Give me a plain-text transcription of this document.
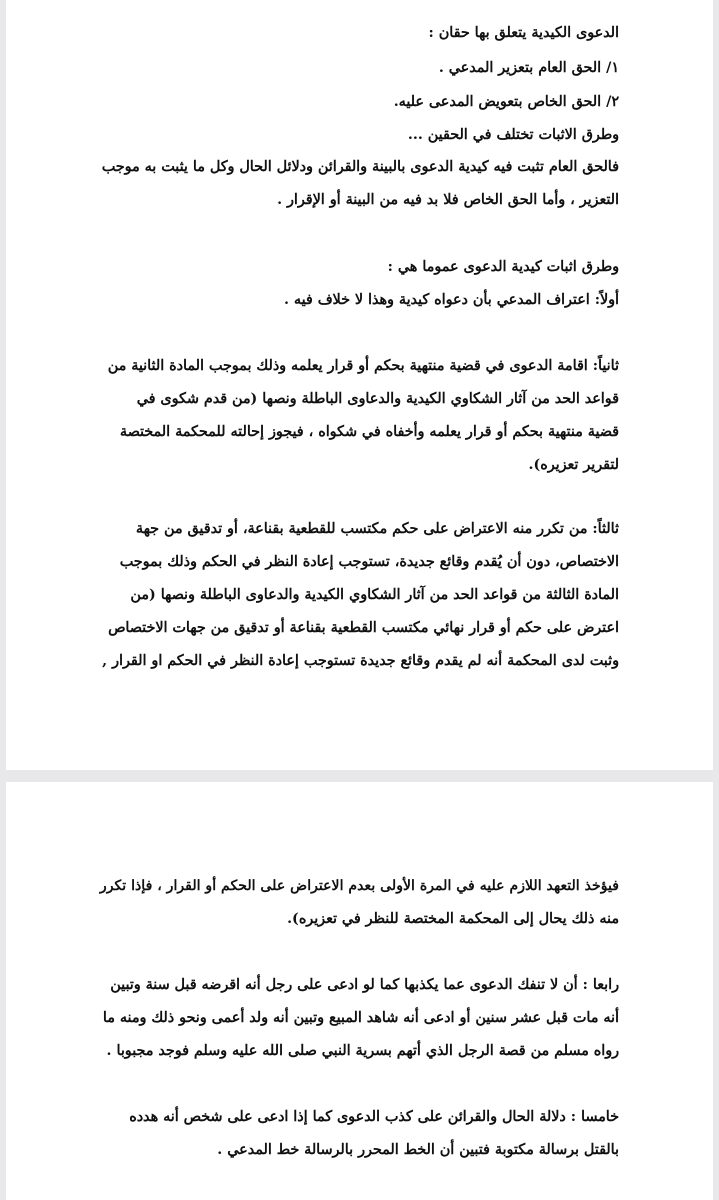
الدعوى الكيدية يتعلق بها حقان :
١/ الحق العام بتعزير المدعي .
٢/ الحق الخاص بتعويض المدعى عليه.
وطرق الاثبات تختلف في الحقين ...
فالحق العام تثبت فيه كيدية الدعوى بالبينة والقرائن ودلائل الحال وكل ما يثبت به موجب
التعزير ، وأما الحق الخاص فلا بد فيه من البينة أو الإقرار .
وطرق اثبات كيدية الدعوى عموما هي :
أولاً: اعتراف المدعي بأن دعواه كيدية وهذا لا خلاف فيه .
ثانياً: اقامة الدعوى في قضية منتهية بحكم أو قرار يعلمه وذلك بموجب المادة الثانية من
قواعد الحد من آثار الشكاوي الكيدية والدعاوى الباطلة ونصها (من قدم شكوى في
قضية منتهية بحكم أو قرار يعلمه وأخفاه في شكواه ، فيجوز إحالته للمحكمة المختصة
لتقرير تعزيره).
ثالثاً: من تكرر منه الاعتراض على حكم مكتسب للقطعية بقناعة، أو تدقيق من جهة
الاختصاص، دون أن يُقدم وقائع جديدة، تستوجب إعادة النظر في الحكم وذلك بموجب
المادة الثالثة من قواعد الحد من آثار الشكاوي الكيدية والدعاوى الباطلة ونصها (من
اعترض على حكم أو قرار نهائي مكتسب القطعية بقناعة أو تدقيق من جهات الاختصاص
وثبت لدى المحكمة أنه لم يقدم وقائع جديدة تستوجب إعادة النظر في الحكم او القرار ,
فيؤخذ التعهد اللازم عليه في المرة الأولى بعدم الاعتراض على الحكم أو القرار ، فإذا تكرر
منه ذلك يحال إلى المحكمة المختصة للنظر في تعزيره).
رابعا : أن لا تنفك الدعوى عما يكذبها كما لو ادعى على رجل أنه اقرضه قبل سنة وتبين
أنه مات قبل عشر سنين أو ادعى أنه شاهد المبيع وتبين أنه ولد أعمى ونحو ذلك ومنه ما
رواه مسلم من قصة الرجل الذي أتهم بسرية النبي صلى الله عليه وسلم فوجد مجبوبا .
خامسا : دلالة الحال والقرائن على كذب الدعوى كما إذا ادعى على شخص أنه هدده
بالقتل برسالة مكتوبة فتبين أن الخط المحرر بالرسالة خط المدعي .
